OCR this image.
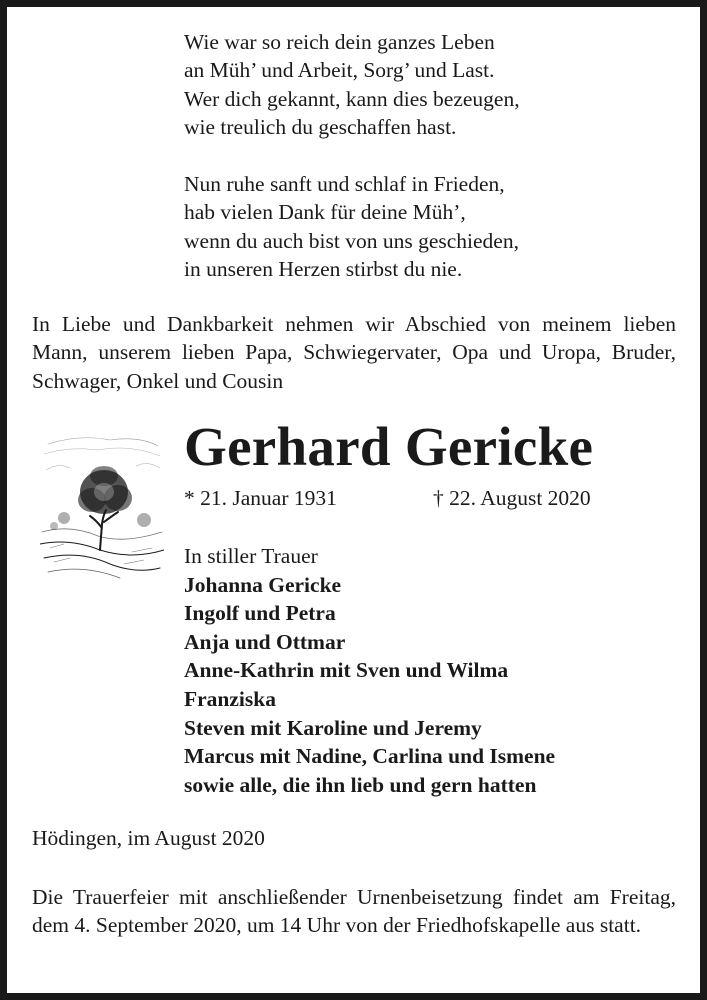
Wie war so reich dein ganzes Leben
an Müh’ und Arbeit, Sorg’ und Last.
Wer dich gekannt, kann dies bezeugen,
wie treulich du geschaffen hast.

Nun ruhe sanft und schlaf in Frieden,
hab vielen Dank für deine Müh’,
wenn du auch bist von uns geschieden,
in unseren Herzen stirbst du nie.

In Liebe und Dankbarkeit nehmen wir Abschied von meinem lieben Mann, unserem lieben Papa, Schwiegervater, Opa und Uropa, Bruder, Schwager, Onkel und Cousin
Gerhard Gericke
* 21. Januar 1931	† 22. August 2020
In stiller Trauer
Johanna Gericke
Ingolf und Petra
Anja und Ottmar
Anne-Kathrin mit Sven und Wilma
Franziska
Steven mit Karoline und Jeremy
Marcus mit Nadine, Carlina und Ismene
sowie alle, die ihn lieb und gern hatten
Hödingen, im August 2020
Die Trauerfeier mit anschließender Urnenbeisetzung findet am Freitag, dem 4. September 2020, um 14 Uhr von der Friedhofskapelle aus statt.
